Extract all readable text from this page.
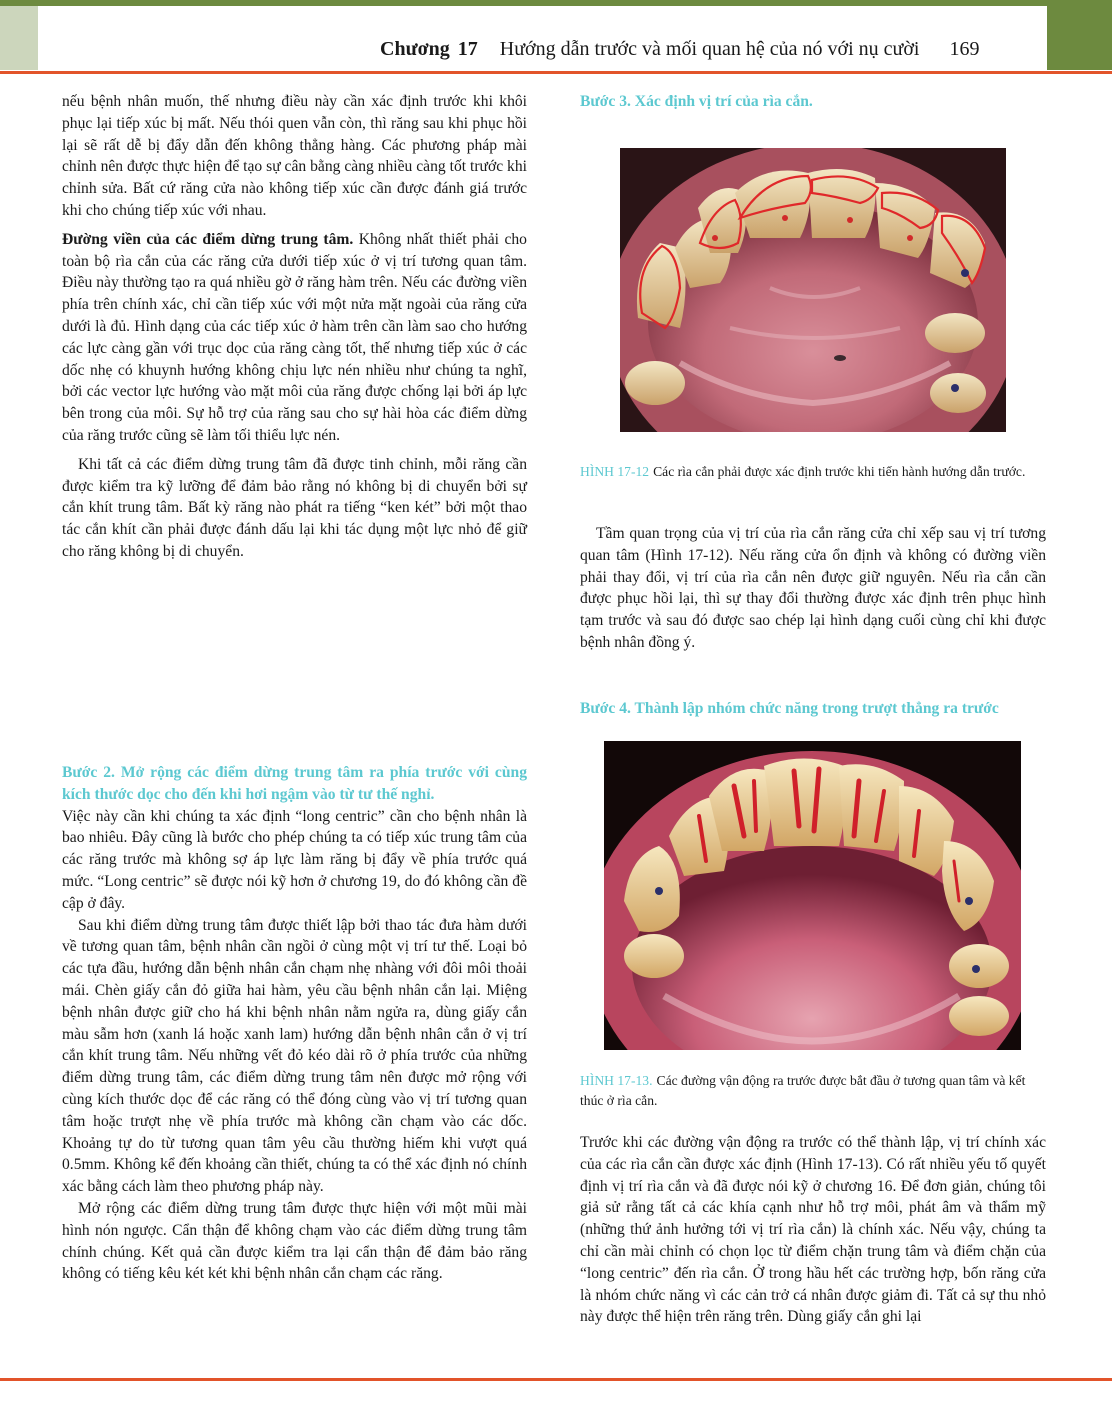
Chương 17 Hướng dẫn trước và mối quan hệ của nó với nụ cười 169

nếu bệnh nhân muốn, thế nhưng điều này cần xác định trước khi khôi phục lại tiếp xúc bị mất. Nếu thói quen vẫn còn, thì răng sau khi phục hồi lại sẽ rất dễ bị đẩy dẫn đến không thẳng hàng. Các phương pháp mài chỉnh nên được thực hiện để tạo sự cân bằng càng nhiều càng tốt trước khi chỉnh sửa. Bất cứ răng cửa nào không tiếp xúc cần được đánh giá trước khi cho chúng tiếp xúc với nhau.

Đường viền của các điểm dừng trung tâm. Không nhất thiết phải cho toàn bộ rìa cắn của các răng cửa dưới tiếp xúc ở vị trí tương quan tâm. Điều này thường tạo ra quá nhiều gờ ở răng hàm trên. Nếu các đường viền phía trên chính xác, chỉ cần tiếp xúc với một nửa mặt ngoài của răng cửa dưới là đủ. Hình dạng của các tiếp xúc ở hàm trên cần làm sao cho hướng các lực càng gần với trục dọc của răng càng tốt, thế nhưng tiếp xúc ở các dốc nhẹ có khuynh hướng không chịu lực nén nhiều như chúng ta nghĩ, bởi các vector lực hướng vào mặt môi của răng được chống lại bởi áp lực bên trong của môi. Sự hỗ trợ của răng sau cho sự hài hòa các điểm dừng của răng trước cũng sẽ làm tối thiểu lực nén.

Khi tất cả các điểm dừng trung tâm đã được tinh chỉnh, mỗi răng cần được kiểm tra kỹ lưỡng để đảm bảo rằng nó không bị di chuyển bởi sự cắn khít trung tâm. Bất kỳ răng nào phát ra tiếng “ken két” bởi một thao tác cắn khít cần phải được đánh dấu lại khi tác dụng một lực nhỏ để giữ cho răng không bị di chuyển.

Bước 2. Mở rộng các điểm dừng trung tâm ra phía trước với cùng kích thước dọc cho đến khi hơi ngậm vào từ tư thế nghỉ.

Việc này cần khi chúng ta xác định “long centric” cần cho bệnh nhân là bao nhiêu. Đây cũng là bước cho phép chúng ta có tiếp xúc trung tâm của các răng trước mà không sợ áp lực làm răng bị đẩy về phía trước quá mức. “Long centric” sẽ được nói kỹ hơn ở chương 19, do đó không cần đề cập ở đây.

Sau khi điểm dừng trung tâm được thiết lập bởi thao tác đưa hàm dưới về tương quan tâm, bệnh nhân cần ngồi ở cùng một vị trí tư thế. Loại bỏ các tựa đầu, hướng dẫn bệnh nhân cắn chạm nhẹ nhàng với đôi môi thoải mái. Chèn giấy cắn đỏ giữa hai hàm, yêu cầu bệnh nhân cắn lại. Miệng bệnh nhân được giữ cho há khi bệnh nhân nằm ngửa ra, dùng giấy cắn màu sẫm hơn (xanh lá hoặc xanh lam) hướng dẫn bệnh nhân cắn ở vị trí cắn khít trung tâm. Nếu những vết đỏ kéo dài rõ ở phía trước của những điểm dừng trung tâm, các điểm dừng trung tâm nên được mở rộng với cùng kích thước dọc để các răng có thể đóng cùng vào vị trí tương quan tâm hoặc trượt nhẹ về phía trước mà không cần chạm vào các dốc. Khoảng tự do từ tương quan tâm yêu cầu thường hiếm khi vượt quá 0.5mm. Không kể đến khoảng cần thiết, chúng ta có thể xác định nó chính xác bằng cách làm theo phương pháp này.

Mở rộng các điểm dừng trung tâm được thực hiện với một mũi mài hình nón ngược. Cẩn thận để không chạm vào các điểm dừng trung tâm chính chúng. Kết quả cần được kiểm tra lại cẩn thận để đảm bảo răng không có tiếng kêu két két khi bệnh nhân cắn chạm các răng.

Bước 3. Xác định vị trí của rìa cắn.

HÌNH 17-12 Các rìa cắn phải được xác định trước khi tiến hành hướng dẫn trước.

Tầm quan trọng của vị trí của rìa cắn răng cửa chỉ xếp sau vị trí tương quan tâm (Hình 17-12). Nếu răng cửa ổn định và không có đường viền phải thay đổi, vị trí của rìa cắn nên được giữ nguyên. Nếu rìa cắn cần được phục hồi lại, thì sự thay đổi thường được xác định trên phục hình tạm trước và sau đó được sao chép lại hình dạng cuối cùng chỉ khi được bệnh nhân đồng ý.

Bước 4. Thành lập nhóm chức năng trong trượt thẳng ra trước

HÌNH 17-13. Các đường vận động ra trước được bắt đầu ở tương quan tâm và kết thúc ở rìa cắn.

Trước khi các đường vận động ra trước có thể thành lập, vị trí chính xác của các rìa cắn cần được xác định (Hình 17-13). Có rất nhiều yếu tố quyết định vị trí rìa cắn và đã được nói kỹ ở chương 16. Để đơn giản, chúng tôi giả sử rằng tất cả các khía cạnh như hỗ trợ môi, phát âm và thẩm mỹ (những thứ ảnh hưởng tới vị trí rìa cắn) là chính xác. Nếu vậy, chúng ta chỉ cần mài chỉnh có chọn lọc từ điểm chặn trung tâm và điểm chặn của “long centric” đến rìa cắn. Ở trong hầu hết các trường hợp, bốn răng cửa là nhóm chức năng vì các cản trở cá nhân được giảm đi. Tất cả sự thu nhỏ này được thể hiện trên răng trên. Dùng giấy cắn ghi lại
